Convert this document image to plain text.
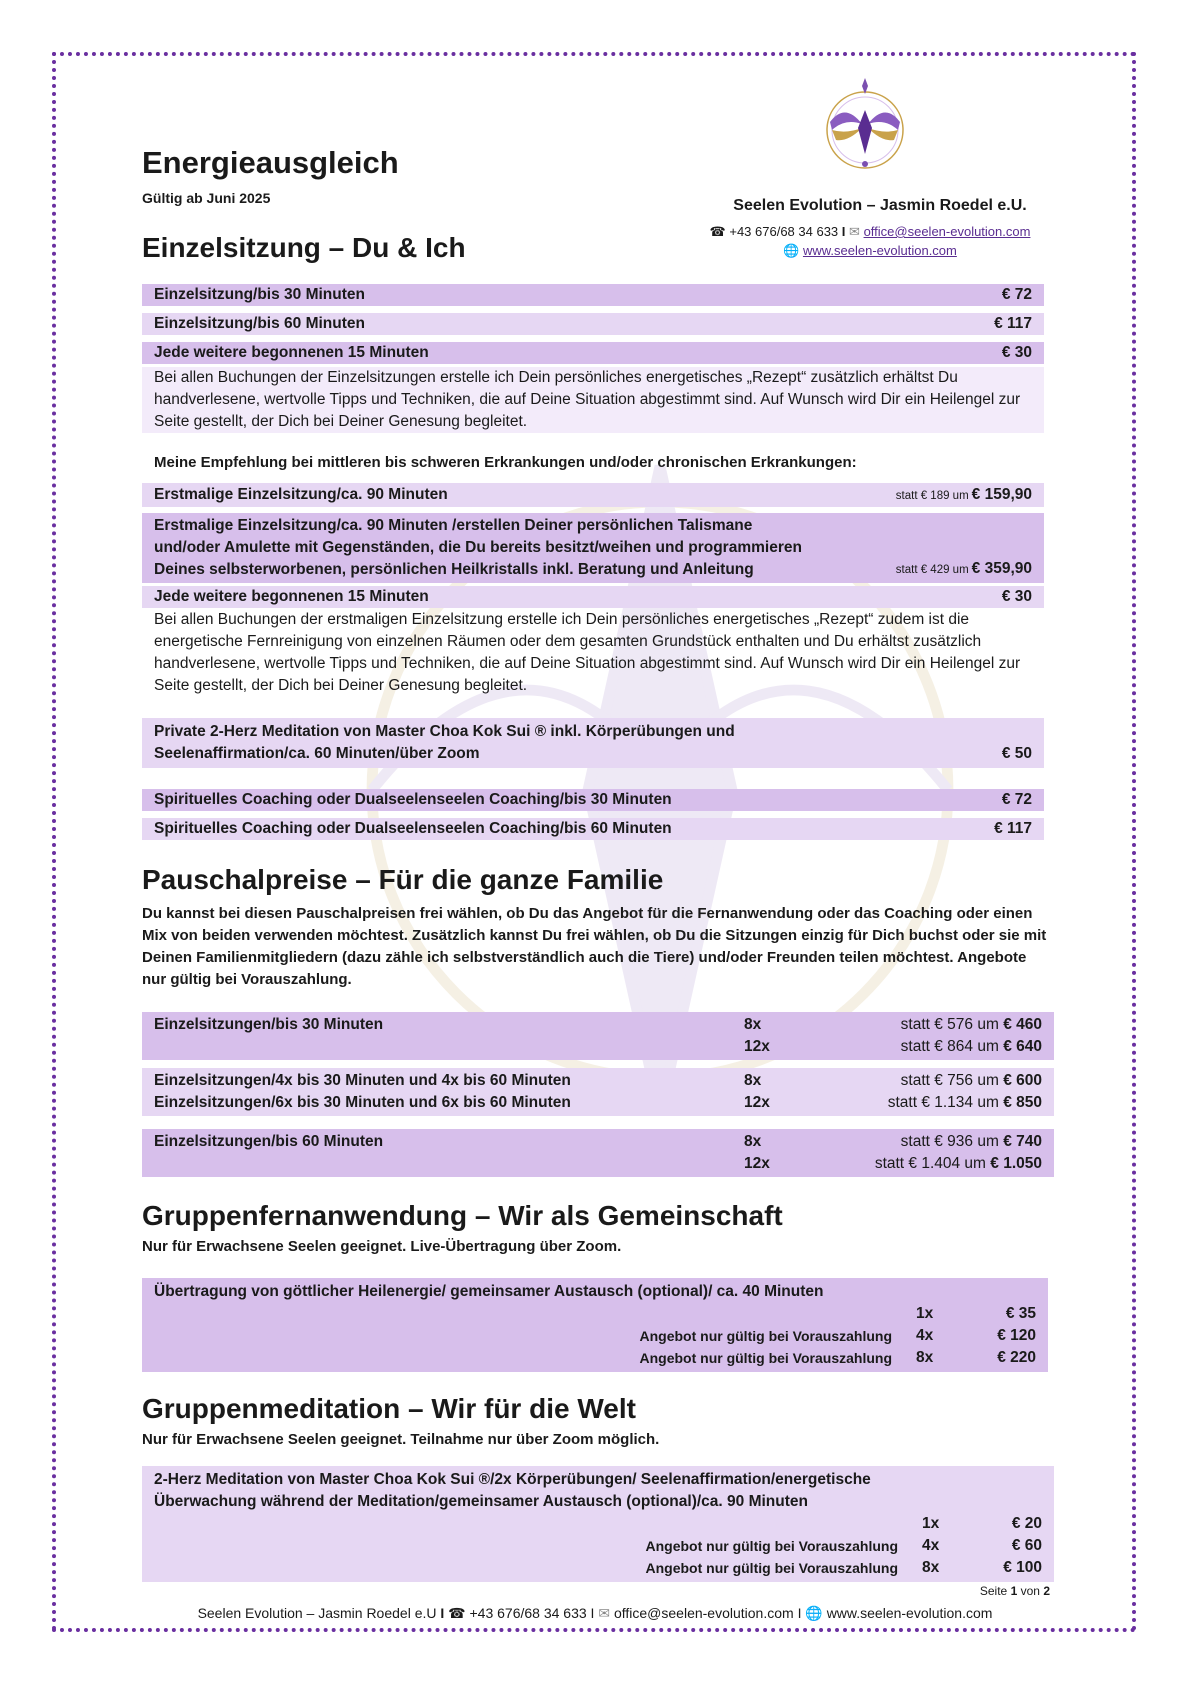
Energieausgleich
Gültig ab Juni 2025	Seelen Evolution – Jasmin Roedel e.U.
☎ +43 676/68 34 633 I ✉ office@seelen-evolution.com
🌐 www.seelen-evolution.com
Einzelsitzung – Du & Ich
Einzelsitzung/bis 30 Minuten	€ 72
Einzelsitzung/bis 60 Minuten	€ 117
Jede weitere begonnenen 15 Minuten	€ 30
Bei allen Buchungen der Einzelsitzungen erstelle ich Dein persönliches energetisches „Rezept“ zusätzlich erhältst Du handverlesene, wertvolle Tipps und Techniken, die auf Deine Situation abgestimmt sind. Auf Wunsch wird Dir ein Heilengel zur Seite gestellt, der Dich bei Deiner Genesung begleitet.
Meine Empfehlung bei mittleren bis schweren Erkrankungen und/oder chronischen Erkrankungen:
Erstmalige Einzelsitzung/ca. 90 Minuten	statt € 189 um € 159,90
Erstmalige Einzelsitzung/ca. 90 Minuten /erstellen Deiner persönlichen Talismane
und/oder Amulette mit Gegenständen, die Du bereits besitzt/weihen und programmieren
Deines selbsterworbenen, persönlichen Heilkristalls inkl. Beratung und Anleitung	statt € 429 um € 359,90
Jede weitere begonnenen 15 Minuten	€ 30
Bei allen Buchungen der erstmaligen Einzelsitzung erstelle ich Dein persönliches energetisches „Rezept“ zudem ist die energetische Fernreinigung von einzelnen Räumen oder dem gesamten Grundstück enthalten und Du erhältst zusätzlich handverlesene, wertvolle Tipps und Techniken, die auf Deine Situation abgestimmt sind. Auf Wunsch wird Dir ein Heilengel zur Seite gestellt, der Dich bei Deiner Genesung begleitet.
Private 2-Herz Meditation von Master Choa Kok Sui ® inkl. Körperübungen und
Seelenaffirmation/ca. 60 Minuten/über Zoom	€ 50
Spirituelles Coaching oder Dualseelenseelen Coaching/bis 30 Minuten	€ 72
Spirituelles Coaching oder Dualseelenseelen Coaching/bis 60 Minuten	€ 117
Pauschalpreise – Für die ganze Familie
Du kannst bei diesen Pauschalpreisen frei wählen, ob Du das Angebot für die Fernanwendung oder das Coaching oder einen Mix von beiden verwenden möchtest. Zusätzlich kannst Du frei wählen, ob Du die Sitzungen einzig für Dich buchst oder sie mit Deinen Familienmitgliedern (dazu zähle ich selbstverständlich auch die Tiere) und/oder Freunden teilen möchtest. Angebote nur gültig bei Vorauszahlung.
Einzelsitzungen/bis 30 Minuten	8x	statt € 576 um € 460
12x	statt € 864 um € 640
Einzelsitzungen/4x bis 30 Minuten und 4x bis 60 Minuten	8x	statt € 756 um € 600
Einzelsitzungen/6x bis 30 Minuten und 6x bis 60 Minuten	12x	statt € 1.134 um € 850
Einzelsitzungen/bis 60 Minuten	8x	statt € 936 um € 740
12x	statt € 1.404 um € 1.050
Gruppenfernanwendung – Wir als Gemeinschaft
Nur für Erwachsene Seelen geeignet. Live-Übertragung über Zoom.
Übertragung von göttlicher Heilenergie/ gemeinsamer Austausch (optional)/ ca. 40 Minuten
1x	€ 35
Angebot nur gültig bei Vorauszahlung	4x	€ 120
Angebot nur gültig bei Vorauszahlung	8x	€ 220
Gruppenmeditation – Wir für die Welt
Nur für Erwachsene Seelen geeignet. Teilnahme nur über Zoom möglich.
2-Herz Meditation von Master Choa Kok Sui ®/2x Körperübungen/ Seelenaffirmation/energetische
Überwachung während der Meditation/gemeinsamer Austausch (optional)/ca. 90 Minuten
1x	€ 20
Angebot nur gültig bei Vorauszahlung	4x	€ 60
Angebot nur gültig bei Vorauszahlung	8x	€ 100
Seite 1 von 2
Seelen Evolution – Jasmin Roedel e.U I ☎ +43 676/68 34 633 I ✉ office@seelen-evolution.com I 🌐 www.seelen-evolution.com
